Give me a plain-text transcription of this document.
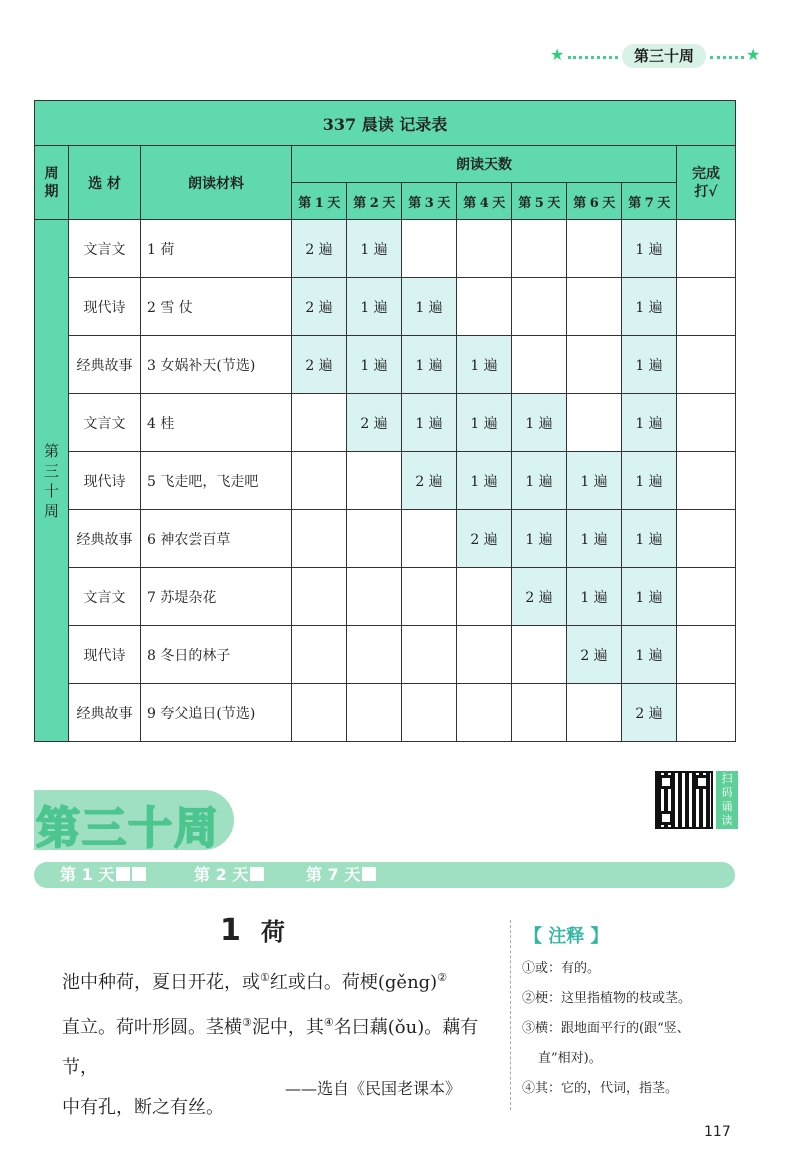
★	第三十周	★
337 晨读 记录表										
周期	选 材	朗读材料	朗读天数							完成
打√
			第 1 天	第 2 天	第 3 天	第 4 天	第 5 天	第 6 天	第 7 天	
第三十周	文言文	1 荷	2 遍	1 遍					1 遍	
	现代诗	2 雪 仗	2 遍	1 遍	1 遍				1 遍	
	经典故事	3 女娲补天(节选)	2 遍	1 遍	1 遍	1 遍			1 遍	
	文言文	4 桂		2 遍	1 遍	1 遍	1 遍		1 遍	
	现代诗	5 飞走吧，飞走吧			2 遍	1 遍	1 遍	1 遍	1 遍	
	经典故事	6 神农尝百草				2 遍	1 遍	1 遍	1 遍	
	文言文	7 苏堤杂花					2 遍	1 遍	1 遍	
	现代诗	8 冬日的林子						2 遍	1 遍	
	经典故事	9 夸父追日(节选)							2 遍	
第三十周
扫
码
诵
读

第 1 天	第 2 天	第 7 天
1 荷
池中种荷，夏日开花，或①红或白。荷梗(gěng)②
直立。荷叶形圆。茎横③泥中，其④名曰藕(ǒu)。藕有节，
中有孔，断之有丝。
——选自《民国老课本》
【 注释 】
①或：有的。
②梗：这里指植物的枝或茎。
③横：跟地面平行的(跟“竖、
直”相对)。
④其：它的，代词，指茎。
117
